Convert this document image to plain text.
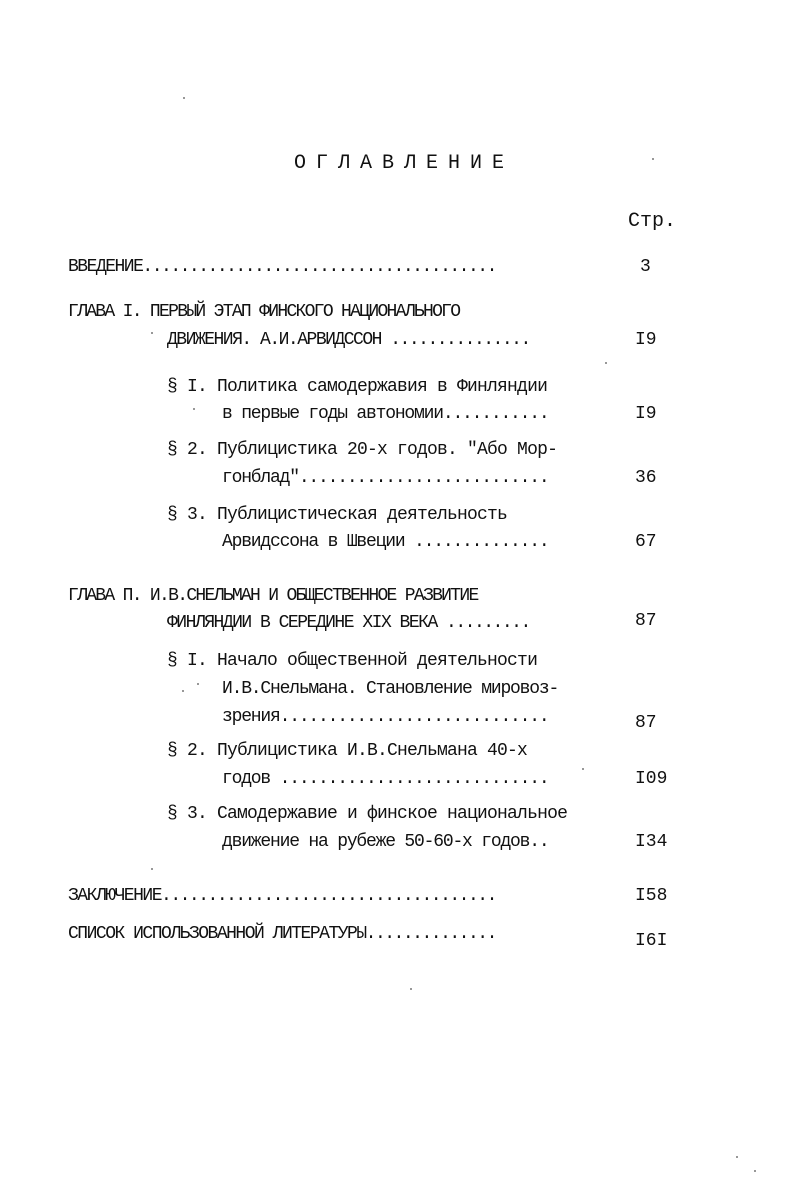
ОГЛАВЛЕНИЕ
Стр.
ВВЕДЕНИЕ......................................	3
ГЛАВА I. ПЕРВЫЙ ЭТАП ФИНСКОГО НАЦИОНАЛЬНОГО
ДВИЖЕНИЯ. А.И.АРВИДССОН ...............	I9
§ I. Политика самодержавия в Финляндии
в первые годы автономии...........	I9
§ 2. Публицистика 20-х годов. "Або Мор-
гонблад"..........................	36
§ 3. Публицистическая деятельность
Арвидссона в Швеции ..............	67
ГЛАВА П. И.В.СНЕЛЬМАН И ОБЩЕСТВЕННОЕ РАЗВИТИЕ
ФИНЛЯНДИИ В СЕРЕДИНЕ XIX ВЕКА .........	87
§ I. Начало общественной деятельности
И.В.Снельмана. Становление мировоз-
зрения............................	87
§ 2. Публицистика И.В.Снельмана 40-х
годов ............................	I09
§ 3. Самодержавие и финское национальное
движение на рубеже 50-60-х годов..	I34
ЗАКЛЮЧЕНИЕ....................................	I58
СПИСОК ИСПОЛЬЗОВАННОЙ ЛИТЕРАТУРЫ..............	I6I
